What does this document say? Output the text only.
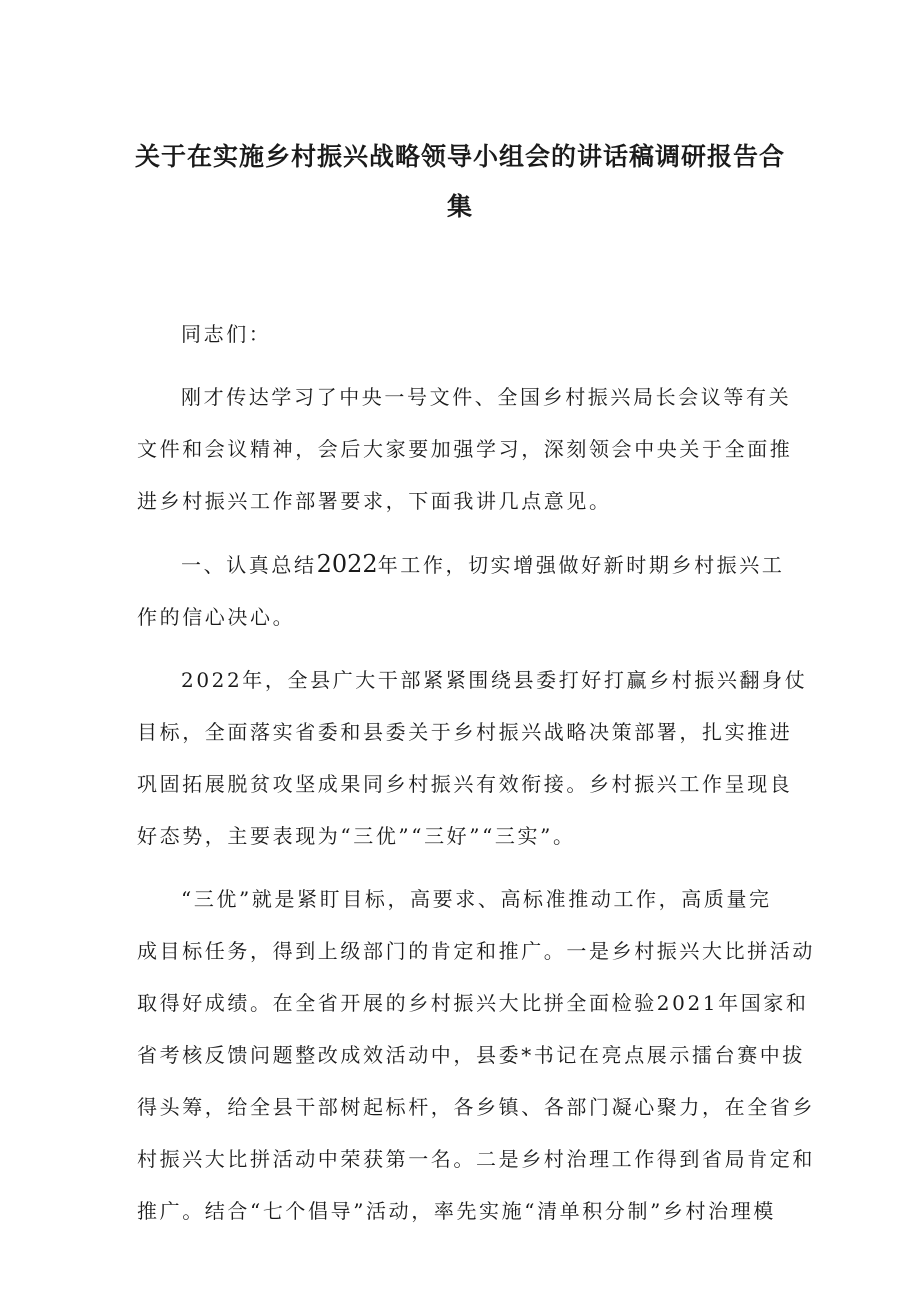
关于在实施乡村振兴战略领导小组会的讲话稿调研报告合
集

同志们：

刚才传达学习了中央一号文件、全国乡村振兴局长会议等有关
文件和会议精神，会后大家要加强学习，深刻领会中央关于全面推
进乡村振兴工作部署要求，下面我讲几点意见。

一、认真总结2022年工作，切实增强做好新时期乡村振兴工
作的信心决心。

2022年，全县广大干部紧紧围绕县委打好打赢乡村振兴翻身仗
目标，全面落实省委和县委关于乡村振兴战略决策部署，扎实推进
巩固拓展脱贫攻坚成果同乡村振兴有效衔接。乡村振兴工作呈现良
好态势，主要表现为“三优”“三好”“三实”。

“三优”就是紧盯目标，高要求、高标准推动工作，高质量完
成目标任务，得到上级部门的肯定和推广。一是乡村振兴大比拼活动
取得好成绩。在全省开展的乡村振兴大比拼全面检验2021年国家和
省考核反馈问题整改成效活动中，县委*书记在亮点展示擂台赛中拔
得头筹，给全县干部树起标杆，各乡镇、各部门凝心聚力，在全省乡
村振兴大比拼活动中荣获第一名。二是乡村治理工作得到省局肯定和
推广。结合“七个倡导”活动，率先实施“清单积分制”乡村治理模
